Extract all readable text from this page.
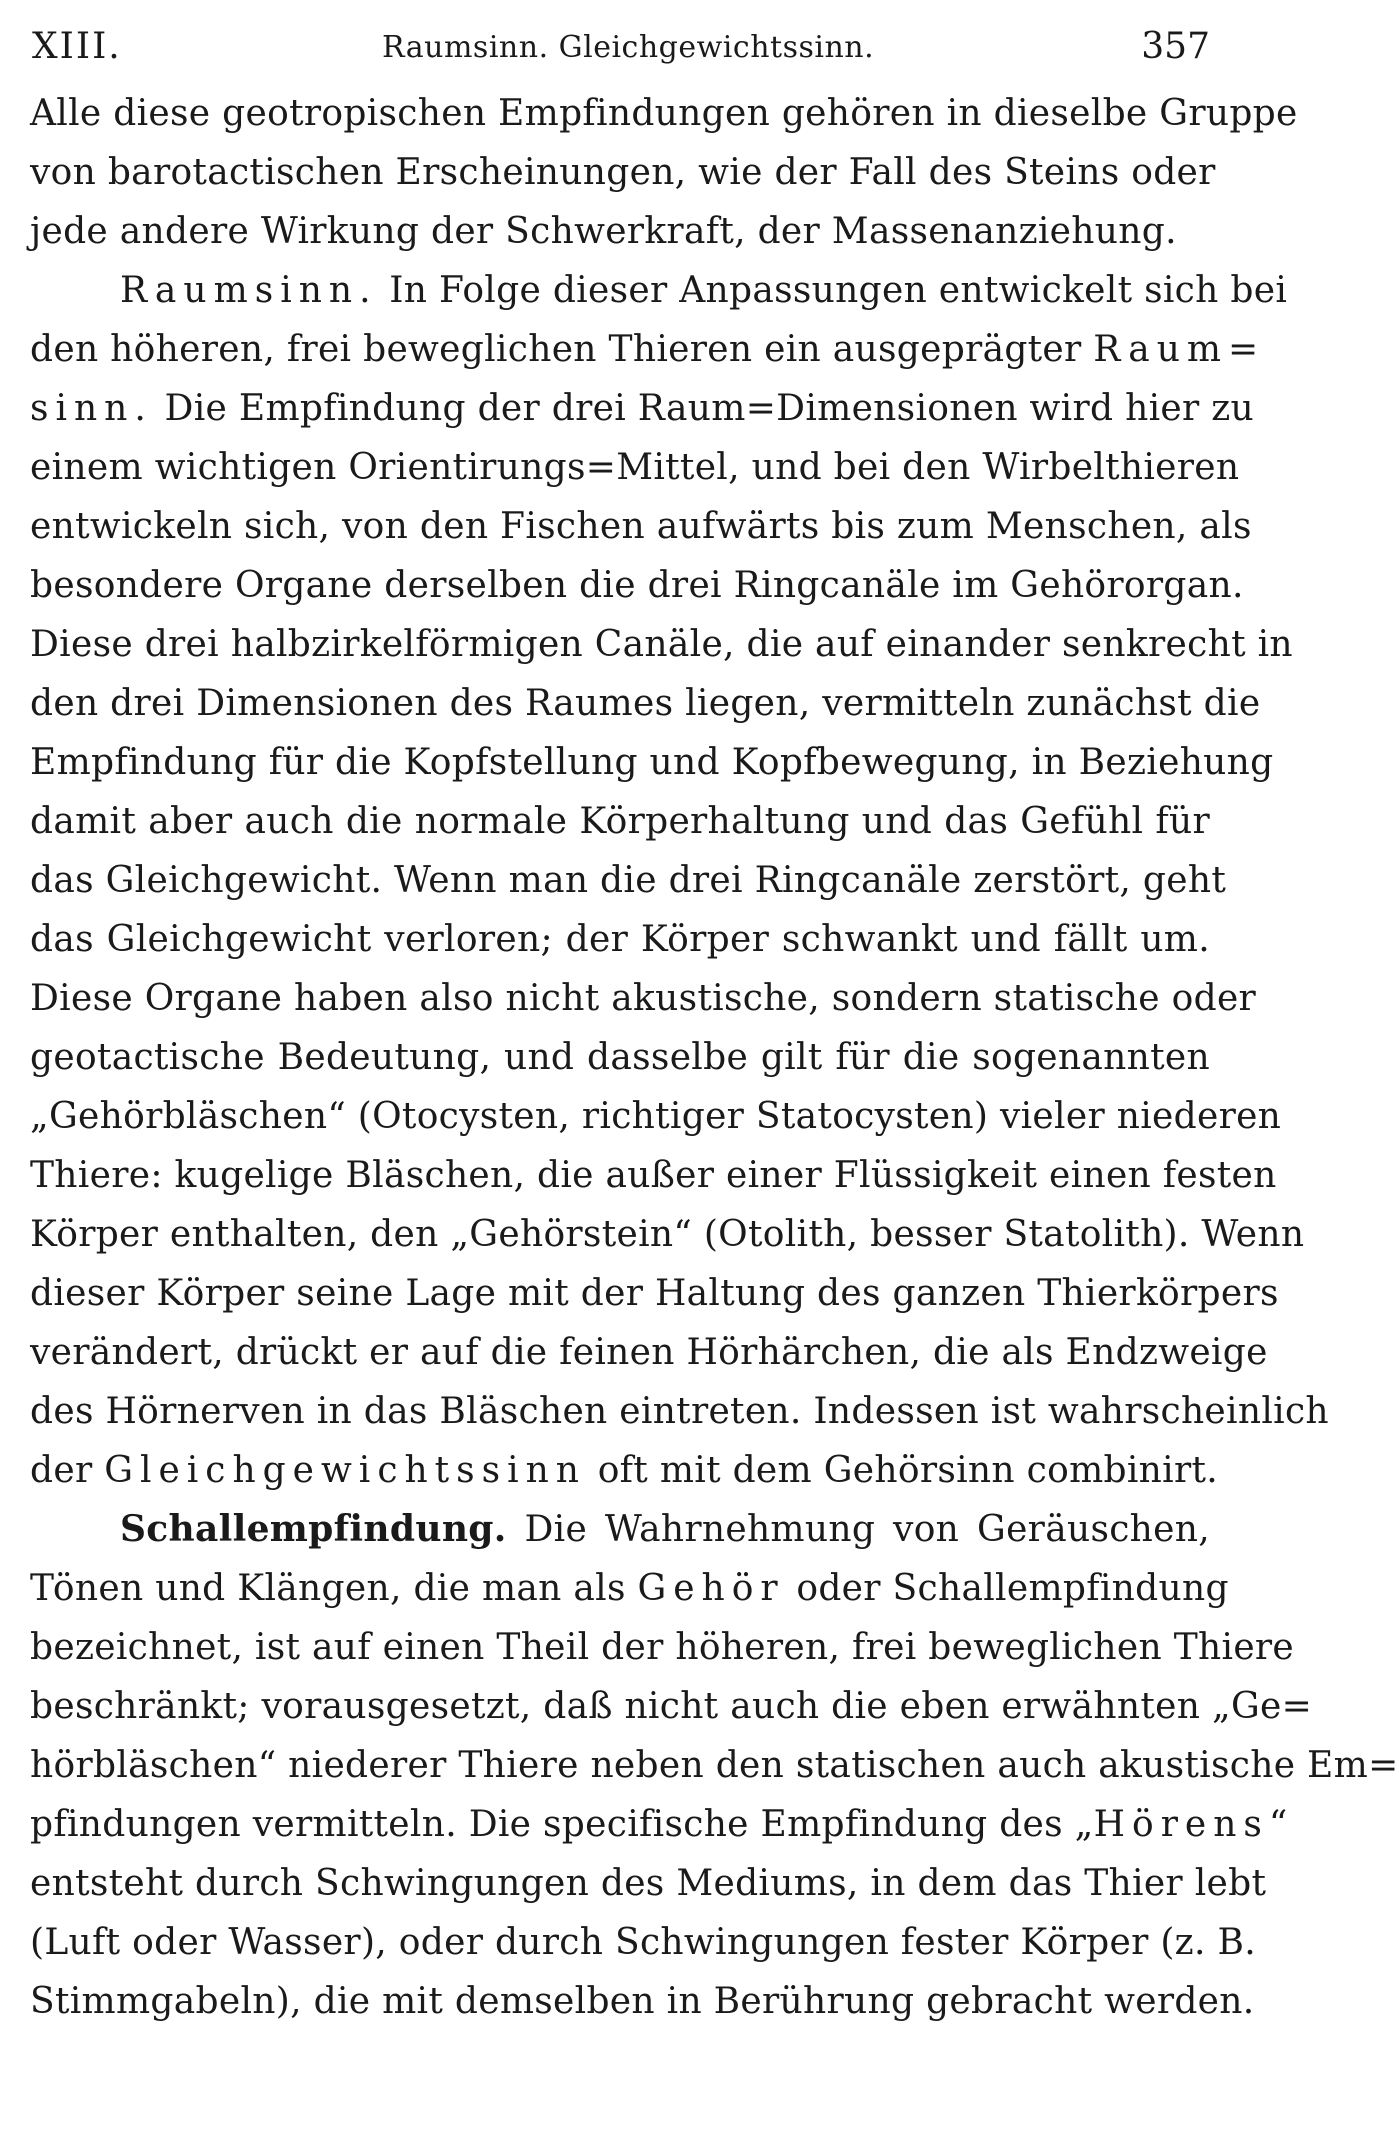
XIII.	Raumsinn. Gleichgewichtssinn.	357
Alle diese geotropischen Empfindungen gehören in dieselbe Gruppe
von barotactischen Erscheinungen, wie der Fall des Steins oder
jede andere Wirkung der Schwerkraft, der Massenanziehung.
Raumsinn. In Folge dieser Anpassungen entwickelt sich bei
den höheren, frei beweglichen Thieren ein ausgeprägter Raum=
sinn. Die Empfindung der drei Raum=Dimensionen wird hier zu
einem wichtigen Orientirungs=Mittel, und bei den Wirbelthieren
entwickeln sich, von den Fischen aufwärts bis zum Menschen, als
besondere Organe derselben die drei Ringcanäle im Gehörorgan.
Diese drei halbzirkelförmigen Canäle, die auf einander senkrecht in
den drei Dimensionen des Raumes liegen, vermitteln zunächst die
Empfindung für die Kopfstellung und Kopfbewegung, in Beziehung
damit aber auch die normale Körperhaltung und das Gefühl für
das Gleichgewicht. Wenn man die drei Ringcanäle zerstört, geht
das Gleichgewicht verloren; der Körper schwankt und fällt um.
Diese Organe haben also nicht akustische, sondern statische oder
geotactische Bedeutung, und dasselbe gilt für die sogenannten
„Gehörbläschen“ (Otocysten, richtiger Statocysten) vieler niederen
Thiere: kugelige Bläschen, die außer einer Flüssigkeit einen festen
Körper enthalten, den „Gehörstein“ (Otolith, besser Statolith). Wenn
dieser Körper seine Lage mit der Haltung des ganzen Thierkörpers
verändert, drückt er auf die feinen Hörhärchen, die als Endzweige
des Hörnerven in das Bläschen eintreten. Indessen ist wahrscheinlich
der Gleichgewichtssinn oft mit dem Gehörsinn combinirt.
Schallempfindung. Die Wahrnehmung von Geräuschen,
Tönen und Klängen, die man als Gehör oder Schallempfindung
bezeichnet, ist auf einen Theil der höheren, frei beweglichen Thiere
beschränkt; vorausgesetzt, daß nicht auch die eben erwähnten „Ge=
hörbläschen“ niederer Thiere neben den statischen auch akustische Em=
pfindungen vermitteln. Die specifische Empfindung des „Hörens“
entsteht durch Schwingungen des Mediums, in dem das Thier lebt
(Luft oder Wasser), oder durch Schwingungen fester Körper (z. B.
Stimmgabeln), die mit demselben in Berührung gebracht werden.
